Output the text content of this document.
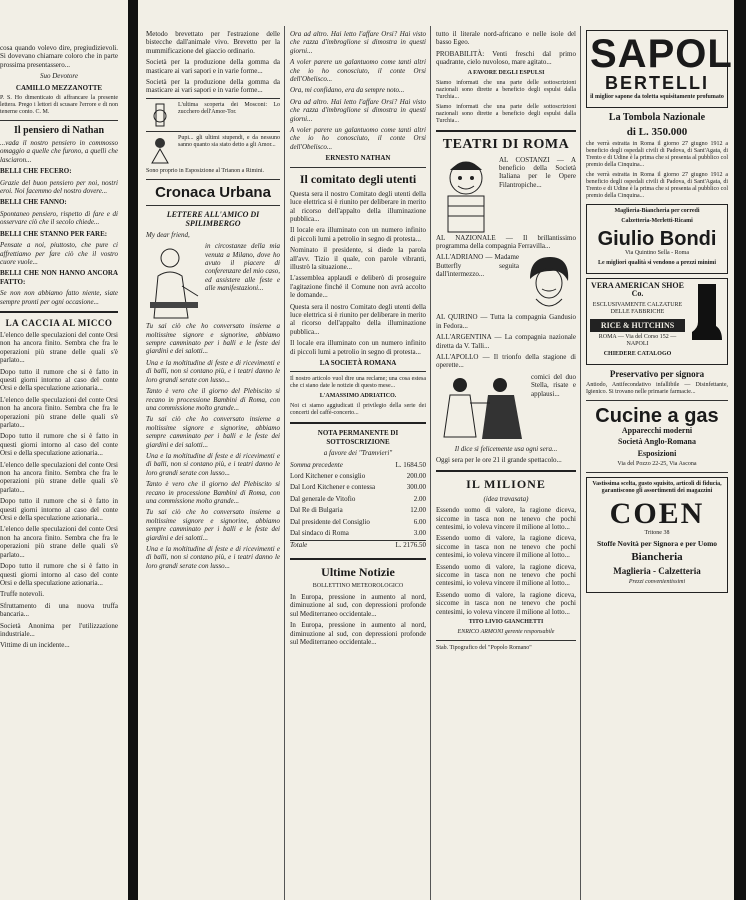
cosa quando volevo dire, pregiudizievoli. Si dovevano chiamare coloro che in parte prossima presentassero...

Suo Devotore

CAMILLO MEZZANOTTE

P. S. Ho dimenticato di affrancare la presente lettera. Prego i lettori di scusare l'errore e di non tenerne conto. C. M.

Il pensiero di Nathan

...vada il nostro pensiero in commosso omaggio a quelle che furono, a quelli che lasciaron...

BELLI CHE FECERO:

Grazie del buon pensiero per noi, nostri eroi. Noi facemmo del nostro dovere...

BELLI CHE FANNO:

Spontaneo pensiero, rispetto di fare e di osservare ciò che il secolo chiede...

BELLI CHE STANNO PER FARE:

Pensate a noi, piuttosto, che pure ci affrettiamo per fare ciò che il vostro cuore vuole...

BELLI CHE NON HANNO ANCORA FATTO:

Se non non abbiamo fatto niente, siate sempre pronti per ogni occasione...

LA CACCIA AL MICCO

L'elenco delle speculazioni del conte Orsi non ha ancora finito. Sembra che fra le operazioni più strane delle quali s'è parlato...

Dopo tutto il rumore che si è fatto in questi giorni intorno al caso del conte Orsi e della speculazione azionaria...

L'elenco delle speculazioni del conte Orsi non ha ancora finito. Sembra che fra le operazioni più strane delle quali s'è parlato...

Dopo tutto il rumore che si è fatto in questi giorni intorno al caso del conte Orsi e della speculazione azionaria...

L'elenco delle speculazioni del conte Orsi non ha ancora finito. Sembra che fra le operazioni più strane delle quali s'è parlato...

Dopo tutto il rumore che si è fatto in questi giorni intorno al caso del conte Orsi e della speculazione azionaria...

L'elenco delle speculazioni del conte Orsi non ha ancora finito. Sembra che fra le operazioni più strane delle quali s'è parlato...

Dopo tutto il rumore che si è fatto in questi giorni intorno al caso del conte Orsi e della speculazione azionaria...

Truffe notevoli.

Sfruttamento di una nuova truffa bancaria...

Società Anonima per l'utilizzazione industriale...

Vittime di un incidente...

Metodo brevettato per l'estrazione delle bistecche dall'animale vivo. Brevetto per la mummificazione del giaccio ordinario.

Società per la produzione della gomma da masticare ai vari sapori e in varie forme...

Società per la produzione della gomma da masticare ai vari sapori e in varie forme...

L'ultima scoperta dei Mosconi: Lo zucchero dell'Amor-Tor.

Pupi... gli ultimi stupendi, e da nessuno sanno quanto sia stato detto a gli Amor...

Sono proprio in Esposizione al Trianon a Rimini.

Cronaca Urbana
LETTERE ALL'AMICO DI SPILIMBERGO

My dear friend,

in circostanze della mia venuta a Milano, dove ho avuto il piacere di conferenzare del mio caso, ed assistere alle feste e alle manifestazioni...

Tu sai ciò che ho conversato insieme a moltissime signore e signorine, abbiamo sempre camminato per i balli e le feste dei giardini e dei salotti...

Una e la moltitudine di feste e di ricevimenti e di balli, non si contano più, e i teatri danno le loro grandi serate con lusso...

Tanto è vero che il giorno del Plebiscito si recano in processione Bambini di Roma, con una commissione molto grande...

Tu sai ciò che ho conversato insieme a moltissime signore e signorine, abbiamo sempre camminato per i balli e le feste dei giardini e dei salotti...

Una e la moltitudine di feste e di ricevimenti e di balli, non si contano più, e i teatri danno le loro grandi serate con lusso...

Tanto è vero che il giorno del Plebiscito si recano in processione Bambini di Roma, con una commissione molto grande...

Tu sai ciò che ho conversato insieme a moltissime signore e signorine, abbiamo sempre camminato per i balli e le feste dei giardini e dei salotti...

Una e la moltitudine di feste e di ricevimenti e di balli, non si contano più, e i teatri danno le loro grandi serate con lusso...

Ora ad altro. Hai letto l'affare Orsi? Hai visto che razza d'imbroglione si dimostra in questi giorni...

A voler parere un galantuomo come tanti altri che io ho conosciuto, il conte Orsi dell'Obelisco...

Ora, mi confidano, era da sempre noto...

Ora ad altro. Hai letto l'affare Orsi? Hai visto che razza d'imbroglione si dimostra in questi giorni...

A voler parere un galantuomo come tanti altri che io ho conosciuto, il conte Orsi dell'Obelisco...

ERNESTO NATHAN

Il comitato degli utenti

Questa sera il nostro Comitato degli utenti della luce elettrica si è riunito per deliberare in merito al ricorso dell'appalto della illuminazione pubblica...

Il locale era illuminato con un numero infinito di piccoli lumi a petrolio in segno di protesta...

Nominato il presidente, si diede la parola all'avv. Tizio il quale, con parole vibranti, illustrò la situazione...

L'assemblea applaudì e deliberò di proseguire l'agitazione finché il Comune non avrà accolto le domande...

Questa sera il nostro Comitato degli utenti della luce elettrica si è riunito per deliberare in merito al ricorso dell'appalto della illuminazione pubblica...

Il locale era illuminato con un numero infinito di piccoli lumi a petrolio in segno di protesta...

LA SOCIETÀ ROMANA

Il nostro articolo vuol dire una reclame; una cosa estesa che ci siano date le notizie di questo mese...

L'AMASSIMO ADRIATICO.

Noi ci siamo aggiudicati il privilegio della serie dei concerti del caffè-concerto...

NOTA PERMANENTE DI SOTTOSCRIZIONE

a favore dei "Tramvieri"

Somma precedente	L. 1684.50

Lord Kitchener e consiglio	200.00

Dal Lord Kitchener e contessa	300.00

Dal generale de Vitofio	2.00

Dal Re di Bulgaria	12.00

Dal presidente del Consiglio	6.00

Dal sindaco di Roma	3.00

Totale	L. 2176.50

Ultime Notizie

BOLLETTINO METEOROLOGICO

In Europa, pressione in aumento al nord, diminuzione al sud, con depressioni profonde sul Mediterraneo occidentale...

In Europa, pressione in aumento al nord, diminuzione al sud, con depressioni profonde sul Mediterraneo occidentale...

tutto il literale nord-africano e nelle isole del basso Egeo.

PROBABILITÀ: Venti freschi dal primo quadrante, cielo nuvoloso, mare agitato...

A FAVORE DEGLI ESPULSI

Siamo informati che una parte delle sottoscrizioni nazionali sono dirette a beneficio degli espulsi dalla Turchia...

Siamo informati che una parte delle sottoscrizioni nazionali sono dirette a beneficio degli espulsi dalla Turchia...

TEATRI DI ROMA

AL COSTANZI — A beneficio della Società Italiana per le Opere Filantropiche...

AL NAZIONALE — Il brillantissimo programma della compagnia Ferravilla...

ALL'ADRIANO — Madame Butterfly seguita dall'intermezzo...

AL QUIRINO — Tutta la compagnia Gandusio in Fedora...

ALL'ARGENTINA — La compagnia nazionale diretta da V. Talli...

ALL'APOLLO — Il trionfo della stagione di operette...

comici del duo Stella, risate e applausi...

Il dice sì felicemente usa ogni sera...

Oggi sera per le ore 21 il grande spettacolo...

IL MILIONE

(idea travasata)

Essendo uomo di valore, la ragione diceva, siccome in tasca non ne tenevo che pochi centesimi, io voleva vincere il milione al lotto...

Essendo uomo di valore, la ragione diceva, siccome in tasca non ne tenevo che pochi centesimi, io voleva vincere il milione al lotto...

Essendo uomo di valore, la ragione diceva, siccome in tasca non ne tenevo che pochi centesimi, io voleva vincere il milione al lotto...

Essendo uomo di valore, la ragione diceva, siccome in tasca non ne tenevo che pochi centesimi, io voleva vincere il milione al lotto...

TITO LIVIO GIANCHETTI

ENRICO ARMONI gerente responsabile

Stab. Tipografico del "Popolo Romano"

SAPOL
BERTELLI

il miglior sapone da toletta squisitamente profumato

La Tombola Nazionale
di L. 350.000

che verrà estratta in Roma il giorno 27 giugno 1912 a beneficio degli ospedali civili di Padova, di Sant'Agata, di Trento e di Udine è la prima che si presenta al pubblico col premio della Cinquina...

che verrà estratta in Roma il giorno 27 giugno 1912 a beneficio degli ospedali civili di Padova, di Sant'Agata, di Trento e di Udine è la prima che si presenta al pubblico col premio della Cinquina...

Maglieria-Biancheria per corredi

Calzetteria-Merletti-Ricami

Giulio Bondi

Via Quintino Sella - Roma

Le migliori qualità si vendono a prezzi minimi

VERA AMERICAN SHOE Co.

ESCLUSIVAMENTE CALZATURE DELLE FABBRICHE

RICE & HUTCHINS

ROMA — Via del Corso 152 — NAPOLI

CHIEDERE CATALOGO

Preservativo per signora

Antiodo, Antifecondativo infallibile — Disinfettante, Igienico. Si trovano nelle primarie farmacie...

Cucine a gas

Apparecchi moderni

Società Anglo-Romana

Esposizioni

Via del Pozzo 22-25, Via Ascona

Vastissima scelta, gusto squisito, articoli di fiducia, garantiscono gli assortimenti dei magazzini

COEN

Tritone 38

Stoffe Novità per Signora e per Uomo

Biancheria

Maglieria - Calzetteria

Prezzi convenientissimi
